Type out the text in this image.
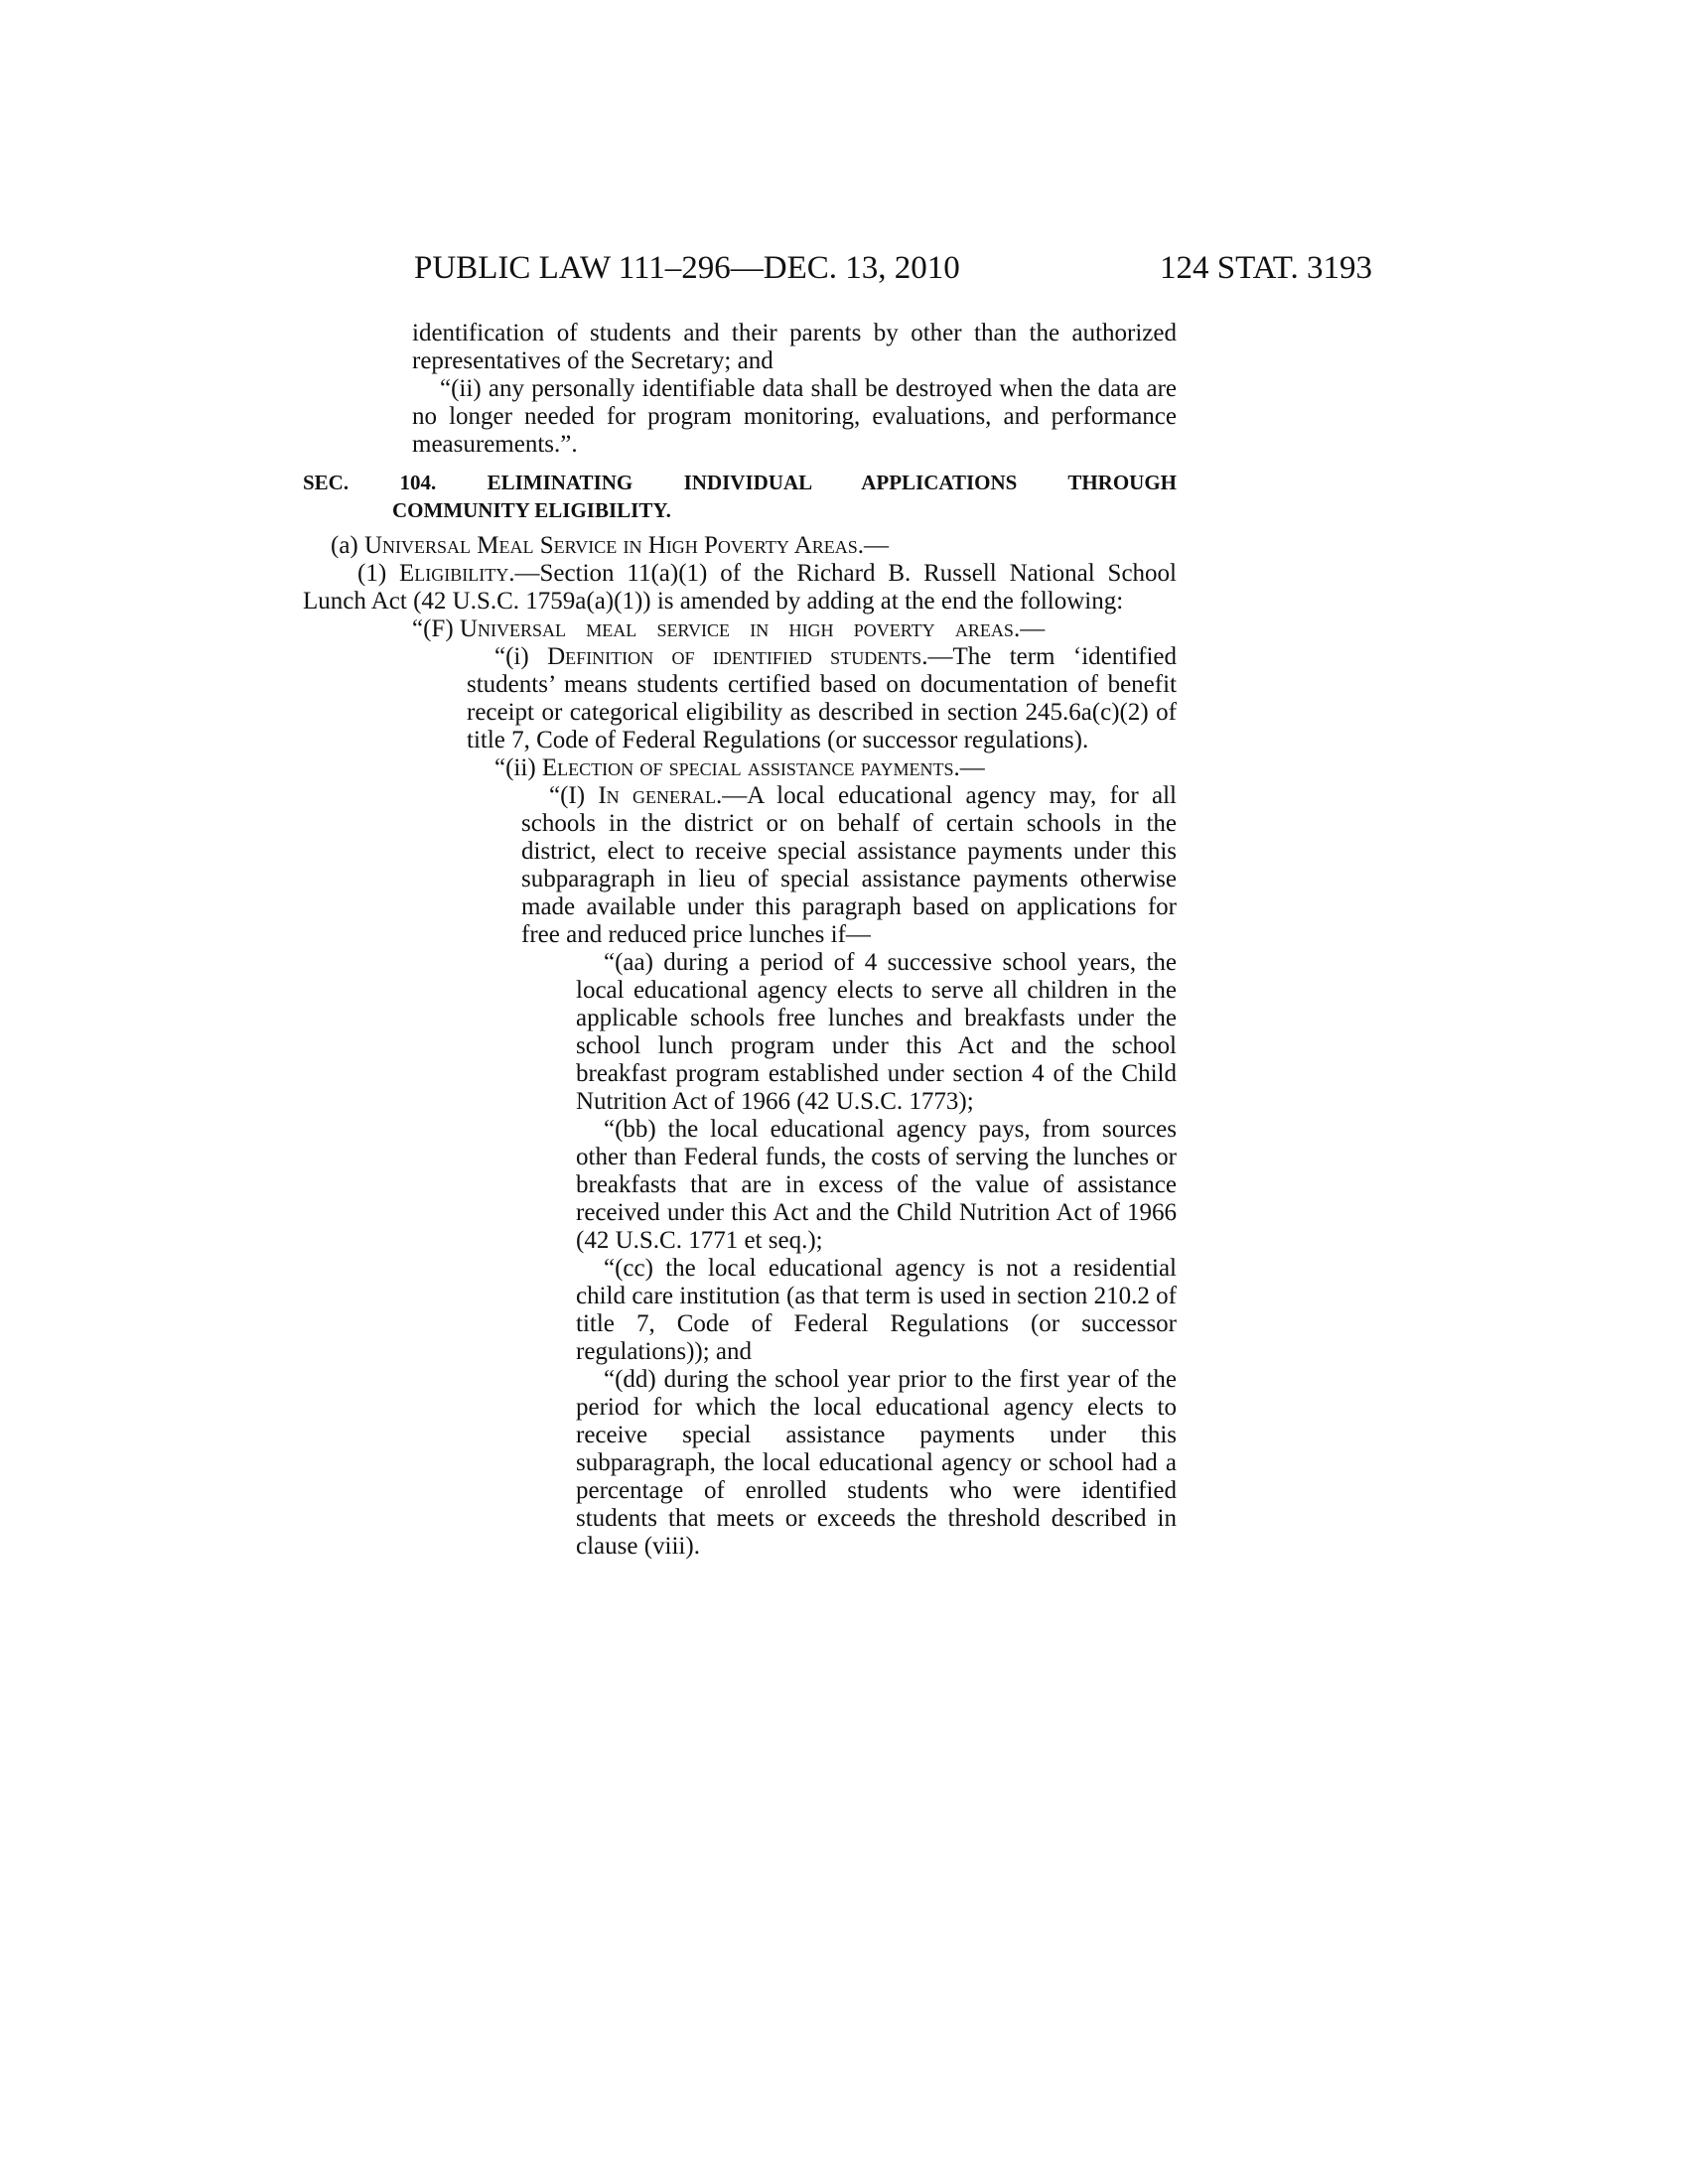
PUBLIC LAW 111–296—DEC. 13, 2010	124 STAT. 3193

identification of students and their parents by other than the authorized representatives of the Secretary; and

“(ii) any personally identifiable data shall be destroyed when the data are no longer needed for program monitoring, evaluations, and performance measurements.”.

SEC. 104. ELIMINATING INDIVIDUAL APPLICATIONS THROUGH
COMMUNITY ELIGIBILITY.

(a) Universal Meal Service in High Poverty Areas.—

(1) Eligibility.—Section 11(a)(1) of the Richard B. Russell National School Lunch Act (42 U.S.C. 1759a(a)(1)) is amended by adding at the end the following:

“(F) Universal meal service in high poverty areas.—

“(i) Definition of identified students.—The term ‘identified students’ means students certified based on documentation of benefit receipt or categorical eligibility as described in section 245.6a(c)(2) of title 7, Code of Federal Regulations (or successor regulations).

“(ii) Election of special assistance payments.—

“(I) In general.—A local educational agency may, for all schools in the district or on behalf of certain schools in the district, elect to receive special assistance payments under this subparagraph in lieu of special assistance payments otherwise made available under this paragraph based on applications for free and reduced price lunches if—

“(aa) during a period of 4 successive school years, the local educational agency elects to serve all children in the applicable schools free lunches and breakfasts under the school lunch program under this Act and the school breakfast program established under section 4 of the Child Nutrition Act of 1966 (42 U.S.C. 1773);

“(bb) the local educational agency pays, from sources other than Federal funds, the costs of serving the lunches or breakfasts that are in excess of the value of assistance received under this Act and the Child Nutrition Act of 1966 (42 U.S.C. 1771 et seq.);

“(cc) the local educational agency is not a residential child care institution (as that term is used in section 210.2 of title 7, Code of Federal Regulations (or successor regulations)); and

“(dd) during the school year prior to the first year of the period for which the local educational agency elects to receive special assistance payments under this subparagraph, the local educational agency or school had a percentage of enrolled students who were identified students that meets or exceeds the threshold described in clause (viii).
